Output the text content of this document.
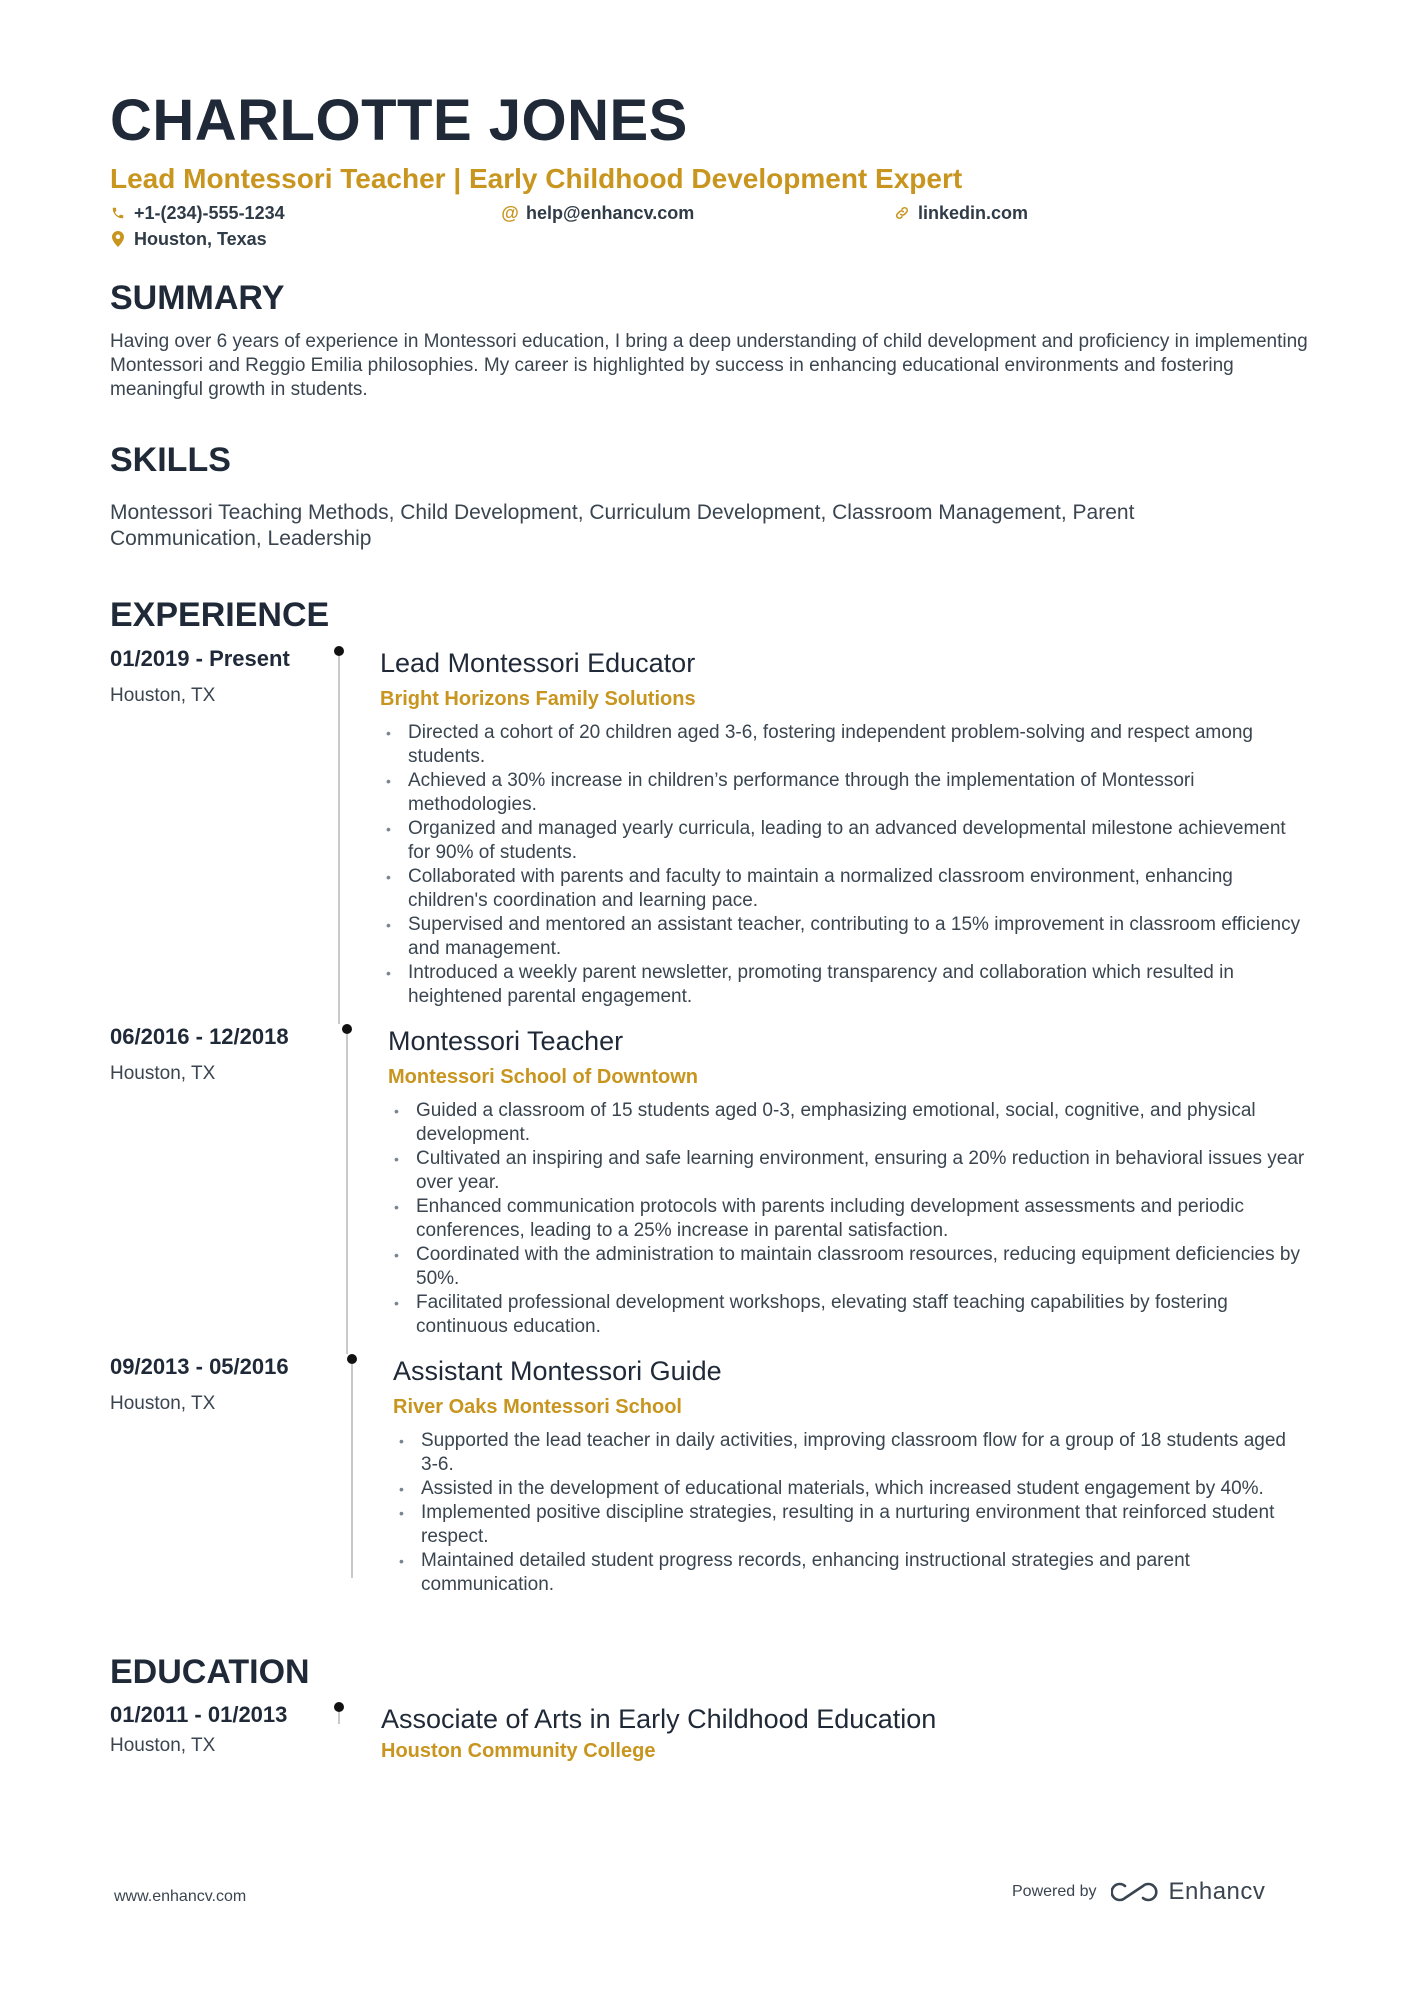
CHARLOTTE JONES
Lead Montessori Teacher | Early Childhood Development Expert
+1-(234)-555-1234	@ help@enhancv.com	linkedin.com
Houston, Texas
SUMMARY
Having over 6 years of experience in Montessori education, I bring a deep understanding of child development and proficiency in implementing Montessori and Reggio Emilia philosophies. My career is highlighted by success in enhancing educational environments and fostering meaningful growth in students.
SKILLS
Montessori Teaching Methods, Child Development, Curriculum Development, Classroom Management, Parent Communication, Leadership
EXPERIENCE
01/2019 - Present
Houston, TX
Lead Montessori Educator
Bright Horizons Family Solutions
• Directed a cohort of 20 children aged 3-6, fostering independent problem-solving and respect among students.
• Achieved a 30% increase in children’s performance through the implementation of Montessori methodologies.
• Organized and managed yearly curricula, leading to an advanced developmental milestone achievement for 90% of students.
• Collaborated with parents and faculty to maintain a normalized classroom environment, enhancing children's coordination and learning pace.
• Supervised and mentored an assistant teacher, contributing to a 15% improvement in classroom efficiency and management.
• Introduced a weekly parent newsletter, promoting transparency and collaboration which resulted in heightened parental engagement.
06/2016 - 12/2018
Houston, TX
Montessori Teacher
Montessori School of Downtown
• Guided a classroom of 15 students aged 0-3, emphasizing emotional, social, cognitive, and physical development.
• Cultivated an inspiring and safe learning environment, ensuring a 20% reduction in behavioral issues year over year.
• Enhanced communication protocols with parents including development assessments and periodic conferences, leading to a 25% increase in parental satisfaction.
• Coordinated with the administration to maintain classroom resources, reducing equipment deficiencies by 50%.
• Facilitated professional development workshops, elevating staff teaching capabilities by fostering continuous education.
09/2013 - 05/2016
Houston, TX
Assistant Montessori Guide
River Oaks Montessori School
• Supported the lead teacher in daily activities, improving classroom flow for a group of 18 students aged 3-6.
• Assisted in the development of educational materials, which increased student engagement by 40%.
• Implemented positive discipline strategies, resulting in a nurturing environment that reinforced student respect.
• Maintained detailed student progress records, enhancing instructional strategies and parent communication.
EDUCATION
01/2011 - 01/2013
Houston, TX
Associate of Arts in Early Childhood Education
Houston Community College
www.enhancv.com	Powered by	Enhancv
